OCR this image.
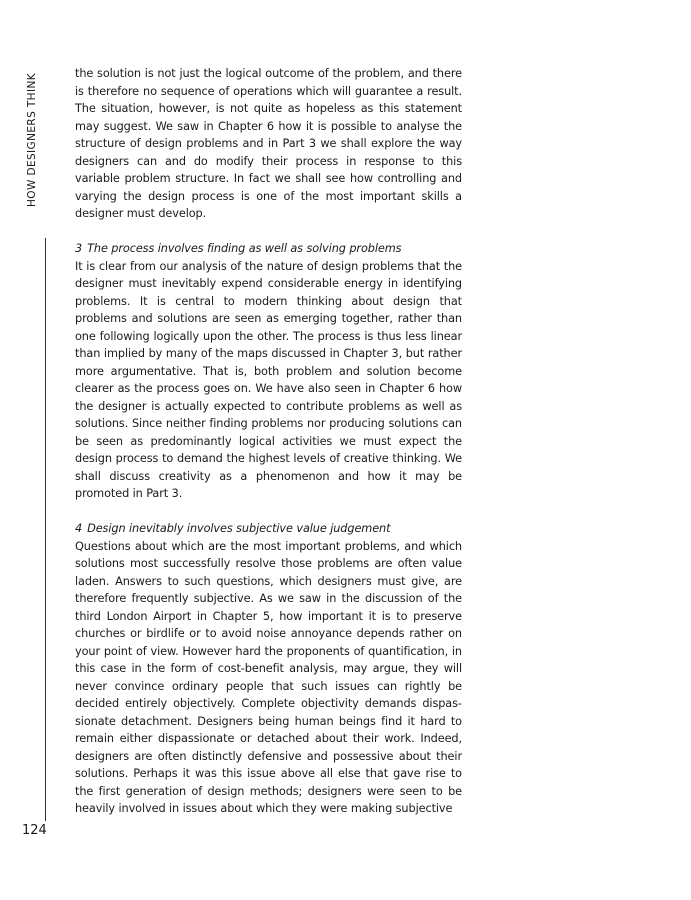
HOW DESIGNERS THINK
124

the solution is not just the logical outcome of the problem, and there is therefore no sequence of operations which will guarantee a result. The situation, however, is not quite as hopeless as this statement may suggest. We saw in Chapter 6 how it is possible to analyse the structure of design problems and in Part 3 we shall explore the way designers can and do modify their process in response to this variable problem structure. In fact we shall see how controlling and varying the design process is one of the most important skills a designer must develop.

3 The process involves finding as well as solving problems

It is clear from our analysis of the nature of design problems that the designer must inevitably expend considerable energy in identifying problems. It is central to modern thinking about design that problems and solutions are seen as emerging together, rather than one following logically upon the other. The process is thus less linear than implied by many of the maps discussed in Chapter 3, but rather more argumentative. That is, both problem and solution become clearer as the process goes on. We have also seen in Chapter 6 how the designer is actually expected to contribute problems as well as solutions. Since neither finding problems nor producing solutions can be seen as predominantly logical activities we must expect the design process to demand the highest levels of creative thinking. We shall discuss creativity as a phenomenon and how it may be promoted in Part 3.

4 Design inevitably involves subjective value judgement

Questions about which are the most important problems, and which solutions most successfully resolve those problems are often value laden. Answers to such questions, which designers must give, are therefore frequently subjective. As we saw in the discussion of the third London Airport in Chapter 5, how important it is to preserve churches or birdlife or to avoid noise annoyance depends rather on your point of view. However hard the proponents of quantification, in this case in the form of cost-benefit analysis, may argue, they will never convince ordinary people that such issues can rightly be decided entirely objectively. Complete objectivity demands dispassionate detachment. Designers being human beings find it hard to remain either dispassionate or detached about their work. Indeed, designers are often distinctly defensive and possessive about their solutions. Perhaps it was this issue above all else that gave rise to the first generation of design methods; designers were seen to be heavily involved in issues about which they were making subjective
